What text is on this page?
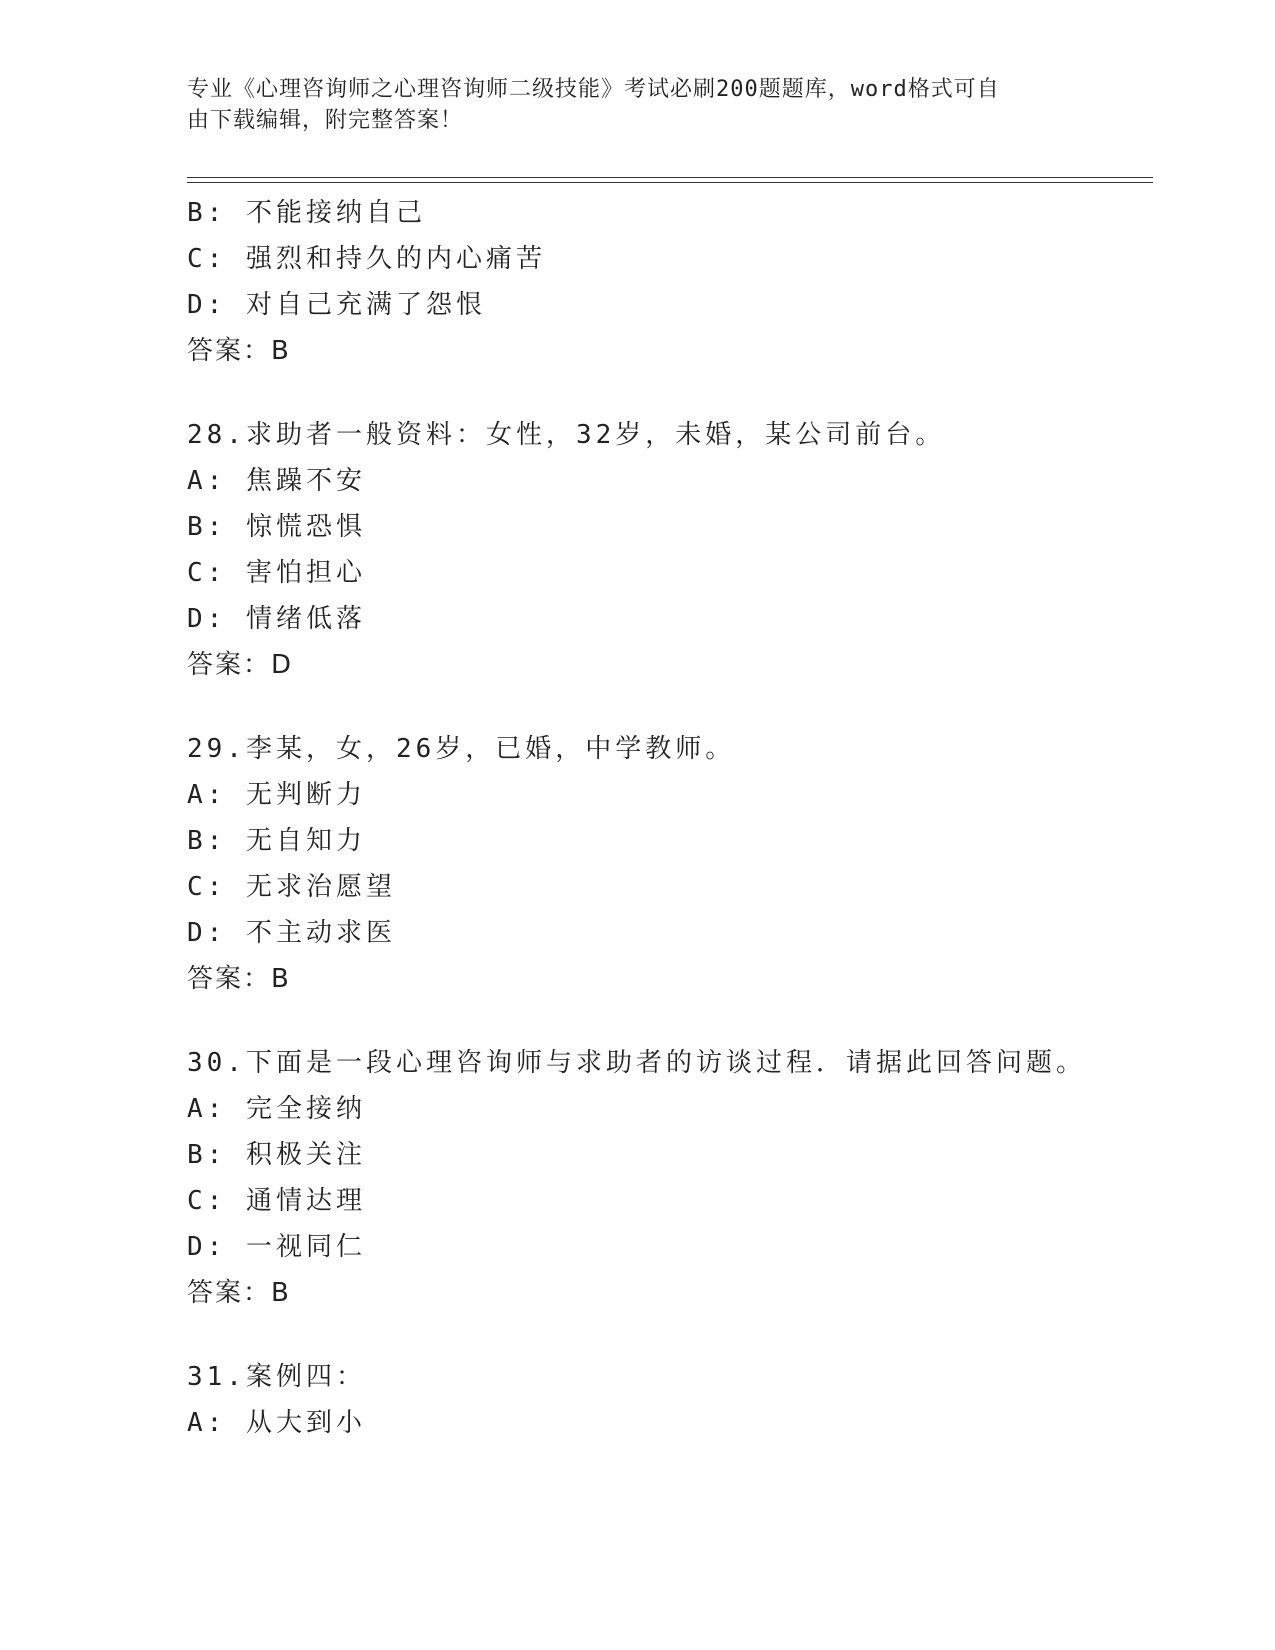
专业《心理咨询师之心理咨询师二级技能》考试必刷200题题库，word格式可自
由下载编辑，附完整答案！
B: 不能接纳自己
C: 强烈和持久的内心痛苦
D: 对自己充满了怨恨
答案：B
28.求助者一般资料：女性，32岁，未婚，某公司前台。
A: 焦躁不安
B: 惊慌恐惧
C: 害怕担心
D: 情绪低落
答案：D
29.李某，女，26岁，已婚，中学教师。
A: 无判断力
B: 无自知力
C: 无求治愿望
D: 不主动求医
答案：B
30.下面是一段心理咨询师与求助者的访谈过程．请据此回答问题。
A: 完全接纳
B: 积极关注
C: 通情达理
D: 一视同仁
答案：B
31.案例四：
A: 从大到小
